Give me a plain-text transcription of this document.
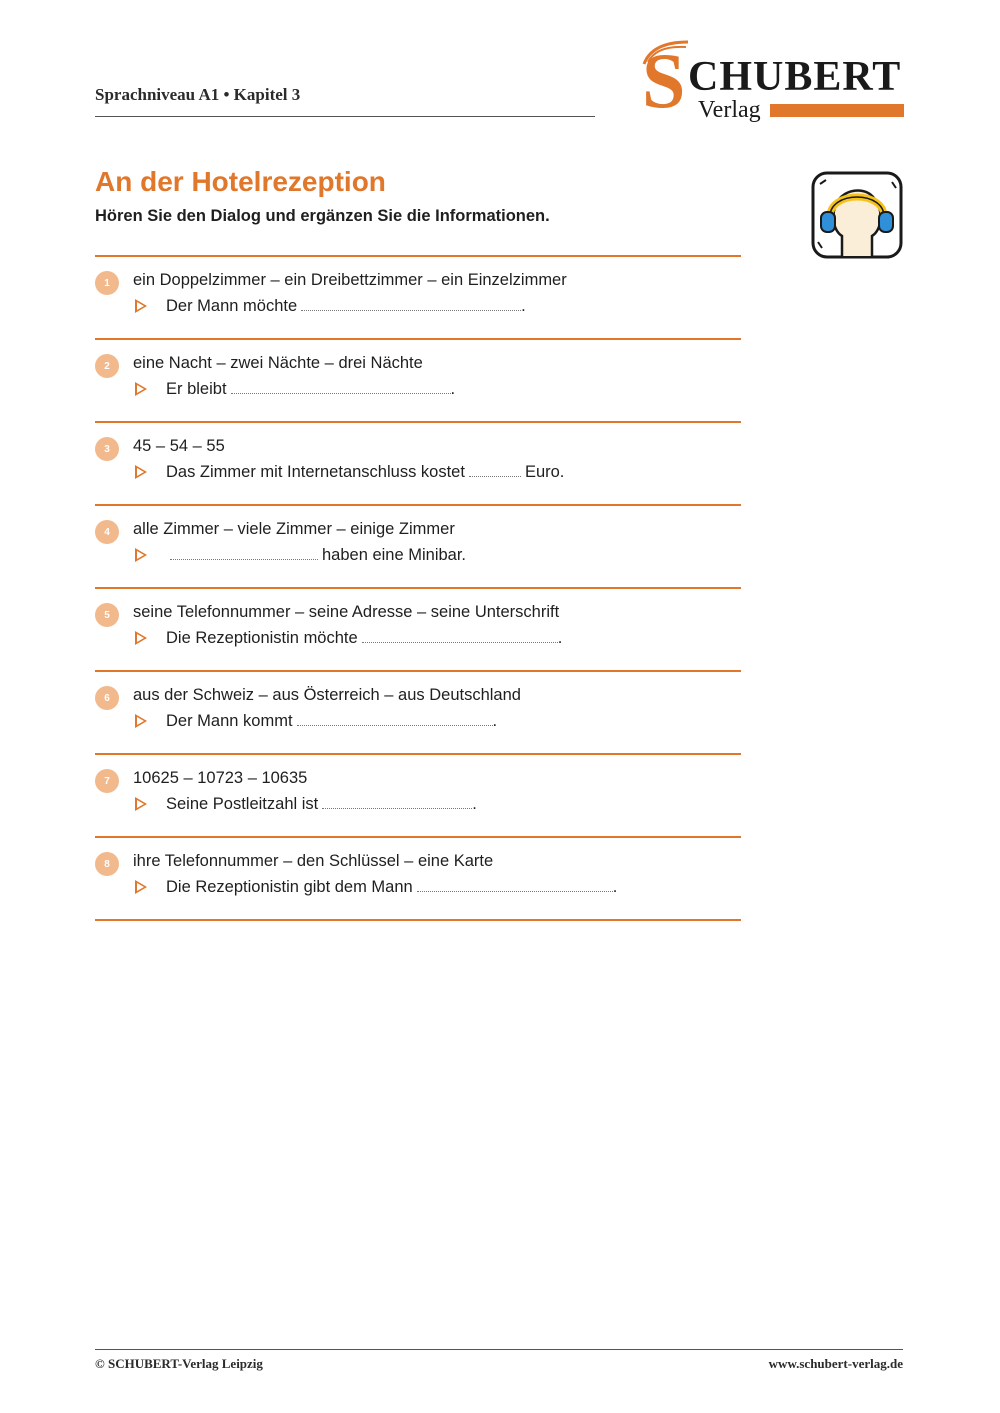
Sprachniveau A1 • Kapitel 3	S CHUBERT
Verlag
An der Hotelrezeption
Hören Sie den Dialog und ergänzen Sie die Informationen.
1	ein Doppelzimmer – ein Dreibettzimmer – ein Einzelzimmer
Der Mann möchte	.
2	eine Nacht – zwei Nächte – drei Nächte
Er bleibt	.
3	45 – 54 – 55
Das Zimmer mit Internetanschluss kostet	Euro.
4	alle Zimmer – viele Zimmer – einige Zimmer
haben eine Minibar.
5	seine Telefonnummer – seine Adresse – seine Unterschrift
Die Rezeptionistin möchte	.
6	aus der Schweiz – aus Österreich – aus Deutschland
Der Mann kommt	.
7	10625 – 10723 – 10635
Seine Postleitzahl ist	.
8	ihre Telefonnummer – den Schlüssel – eine Karte
Die Rezeptionistin gibt dem Mann	.
© SCHUBERT-Verlag Leipzig	www.schubert-verlag.de
